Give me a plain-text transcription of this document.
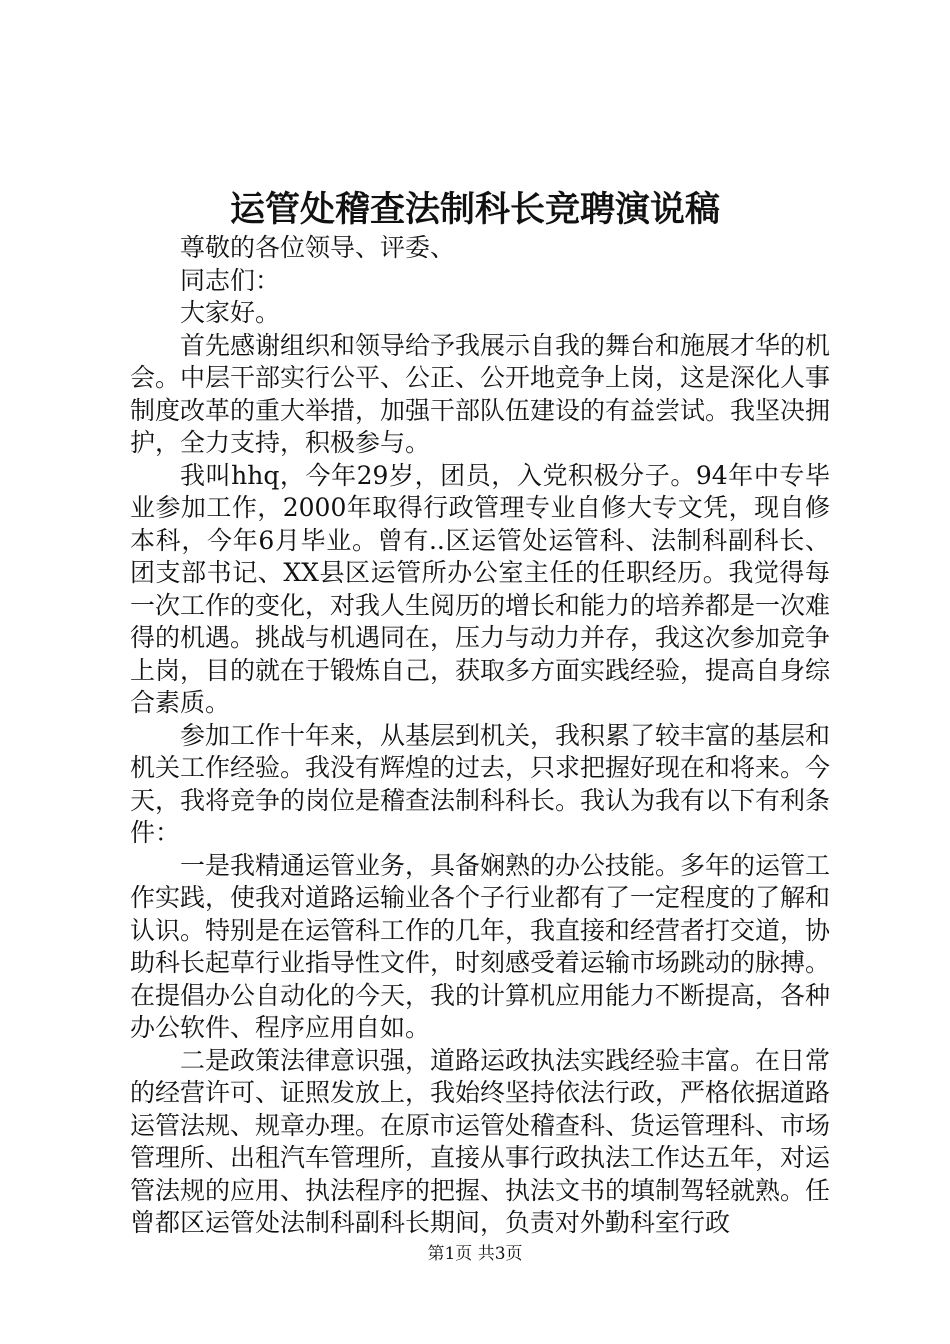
运管处稽查法制科长竞聘演说稿

尊敬的各位领导、评委、

同志们：

大家好。

首先感谢组织和领导给予我展示自我的舞台和施展才华的机会。中层干部实行公平、公正、公开地竞争上岗，这是深化人事制度改革的重大举措，加强干部队伍建设的有益尝试。我坚决拥护，全力支持，积极参与。

我叫hhq，今年29岁，团员，入党积极分子。94年中专毕业参加工作，2000年取得行政管理专业自修大专文凭，现自修本科，今年6月毕业。曾有..区运管处运管科、法制科副科长、团支部书记、XX县区运管所办公室主任的任职经历。我觉得每一次工作的变化，对我人生阅历的增长和能力的培养都是一次难得的机遇。挑战与机遇同在，压力与动力并存，我这次参加竞争上岗，目的就在于锻炼自己，获取多方面实践经验，提高自身综合素质。

参加工作十年来，从基层到机关，我积累了较丰富的基层和机关工作经验。我没有辉煌的过去，只求把握好现在和将来。今天，我将竞争的岗位是稽查法制科科长。我认为我有以下有利条件：

一是我精通运管业务，具备娴熟的办公技能。多年的运管工作实践，使我对道路运输业各个子行业都有了一定程度的了解和认识。特别是在运管科工作的几年，我直接和经营者打交道，协助科长起草行业指导性文件，时刻感受着运输市场跳动的脉搏。在提倡办公自动化的今天，我的计算机应用能力不断提高，各种办公软件、程序应用自如。

二是政策法律意识强，道路运政执法实践经验丰富。在日常的经营许可、证照发放上，我始终坚持依法行政，严格依据道路运管法规、规章办理。在原市运管处稽查科、货运管理科、市场管理所、出租汽车管理所，直接从事行政执法工作达五年，对运管法规的应用、执法程序的把握、执法文书的填制驾轻就熟。任曾都区运管处法制科副科长期间，负责对外勤科室行政

第1页 共3页
